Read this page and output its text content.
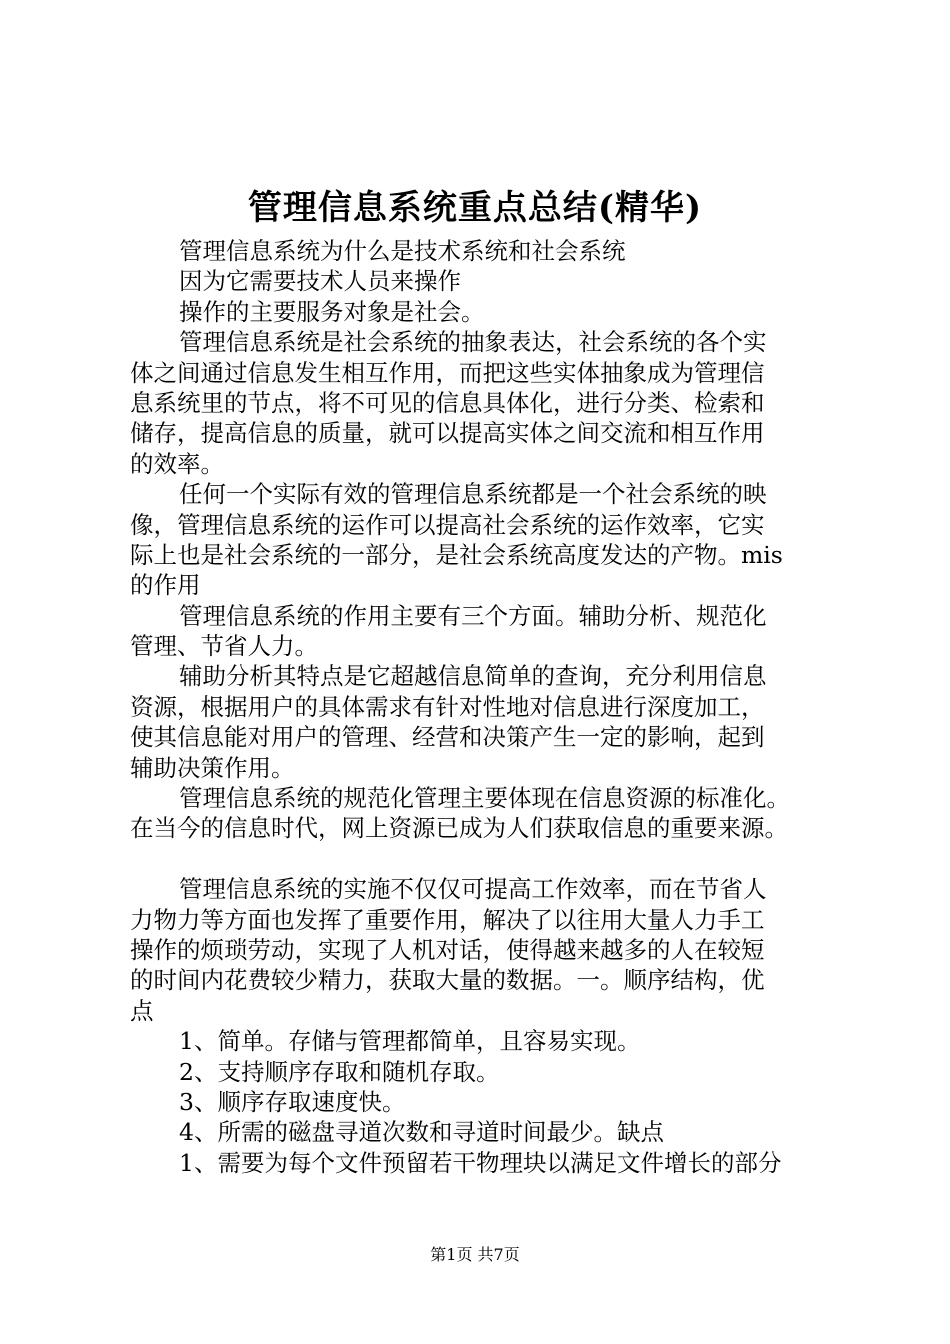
管理信息系统重点总结(精华)
管理信息系统为什么是技术系统和社会系统
因为它需要技术人员来操作
操作的主要服务对象是社会。
管理信息系统是社会系统的抽象表达，社会系统的各个实
体之间通过信息发生相互作用，而把这些实体抽象成为管理信
息系统里的节点，将不可见的信息具体化，进行分类、检索和
储存，提高信息的质量，就可以提高实体之间交流和相互作用
的效率。
任何一个实际有效的管理信息系统都是一个社会系统的映
像，管理信息系统的运作可以提高社会系统的运作效率，它实
际上也是社会系统的一部分，是社会系统高度发达的产物。mis
的作用
管理信息系统的作用主要有三个方面。辅助分析、规范化
管理、节省人力。
辅助分析其特点是它超越信息简单的查询，充分利用信息
资源，根据用户的具体需求有针对性地对信息进行深度加工，
使其信息能对用户的管理、经营和决策产生一定的影响，起到
辅助决策作用。
管理信息系统的规范化管理主要体现在信息资源的标准化。
在当今的信息时代，网上资源已成为人们获取信息的重要来源。
管理信息系统的实施不仅仅可提高工作效率，而在节省人
力物力等方面也发挥了重要作用，解决了以往用大量人力手工
操作的烦琐劳动，实现了人机对话，使得越来越多的人在较短
的时间内花费较少精力，获取大量的数据。一。顺序结构，优
点
1、简单。存储与管理都简单，且容易实现。
2、支持顺序存取和随机存取。
3、顺序存取速度快。
4、所需的磁盘寻道次数和寻道时间最少。缺点
1、需要为每个文件预留若干物理块以满足文件增长的部分
第1页 共7页
